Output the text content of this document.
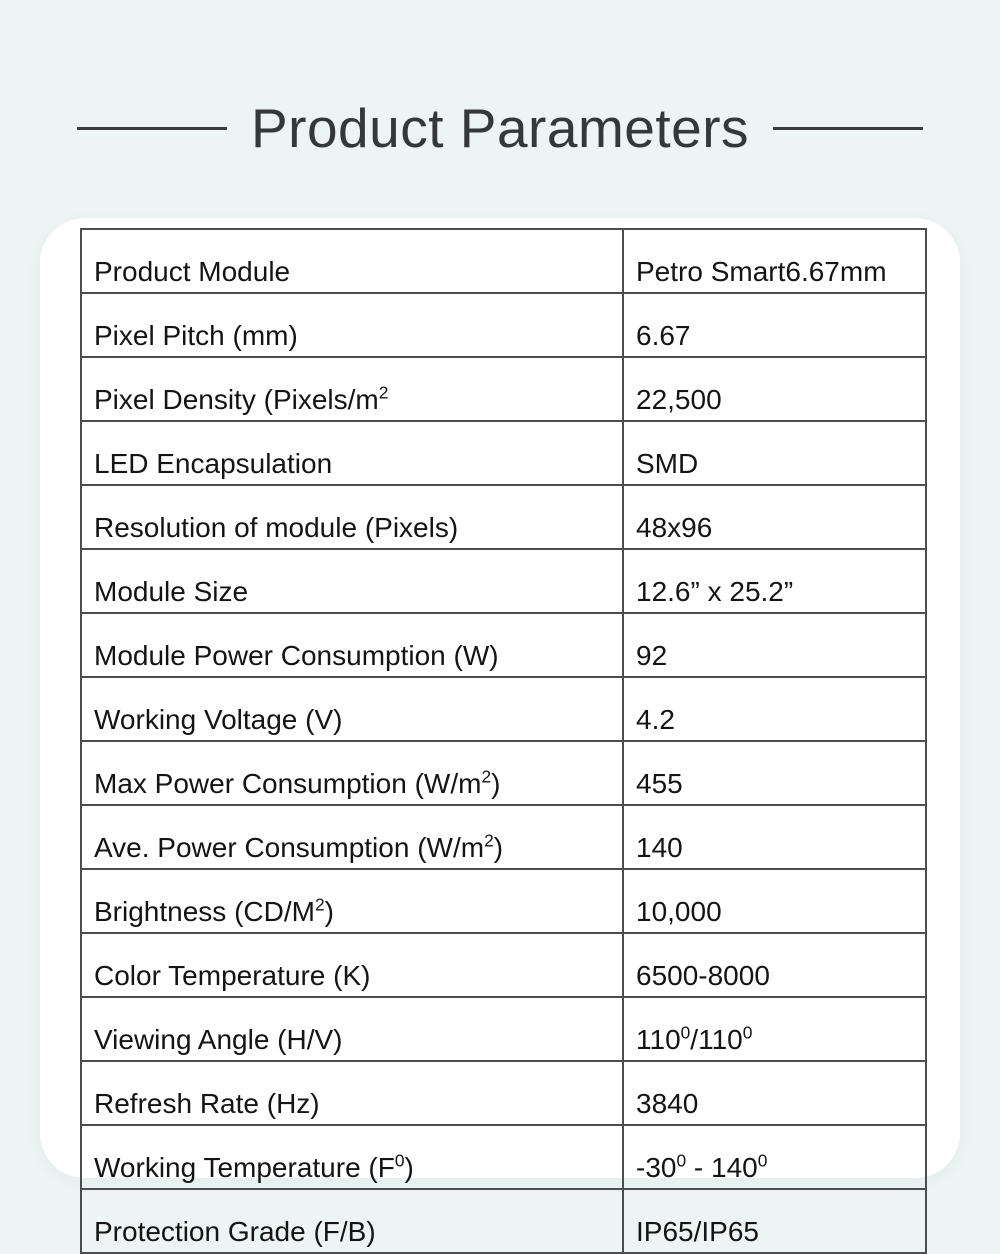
Product Parameters
Product Module	Petro Smart6.67mm
Pixel Pitch (mm)	6.67
Pixel Density ($Pixels/m^2$	22,500
LED Encapsulation	SMD
Resolution of module (Pixels)	48x96
Module Size	12.6” x 25.2”
Module Power Consumption (W)	92
Working Voltage (V)	4.2
Max Power Consumption $(W/m^2)$	455
Ave. Power Consumption $(W/m^2)$	140
Brightness $(CD/M^2)$	10,000
Color Temperature (K)	6500-8000
Viewing Angle (H/V)	$110^0/110^0$
Refresh Rate (Hz)	3840
Working Temperature $(F^0)$	$-30^0 - 140^0$
Protection Grade (F/B)	IP65/IP65
